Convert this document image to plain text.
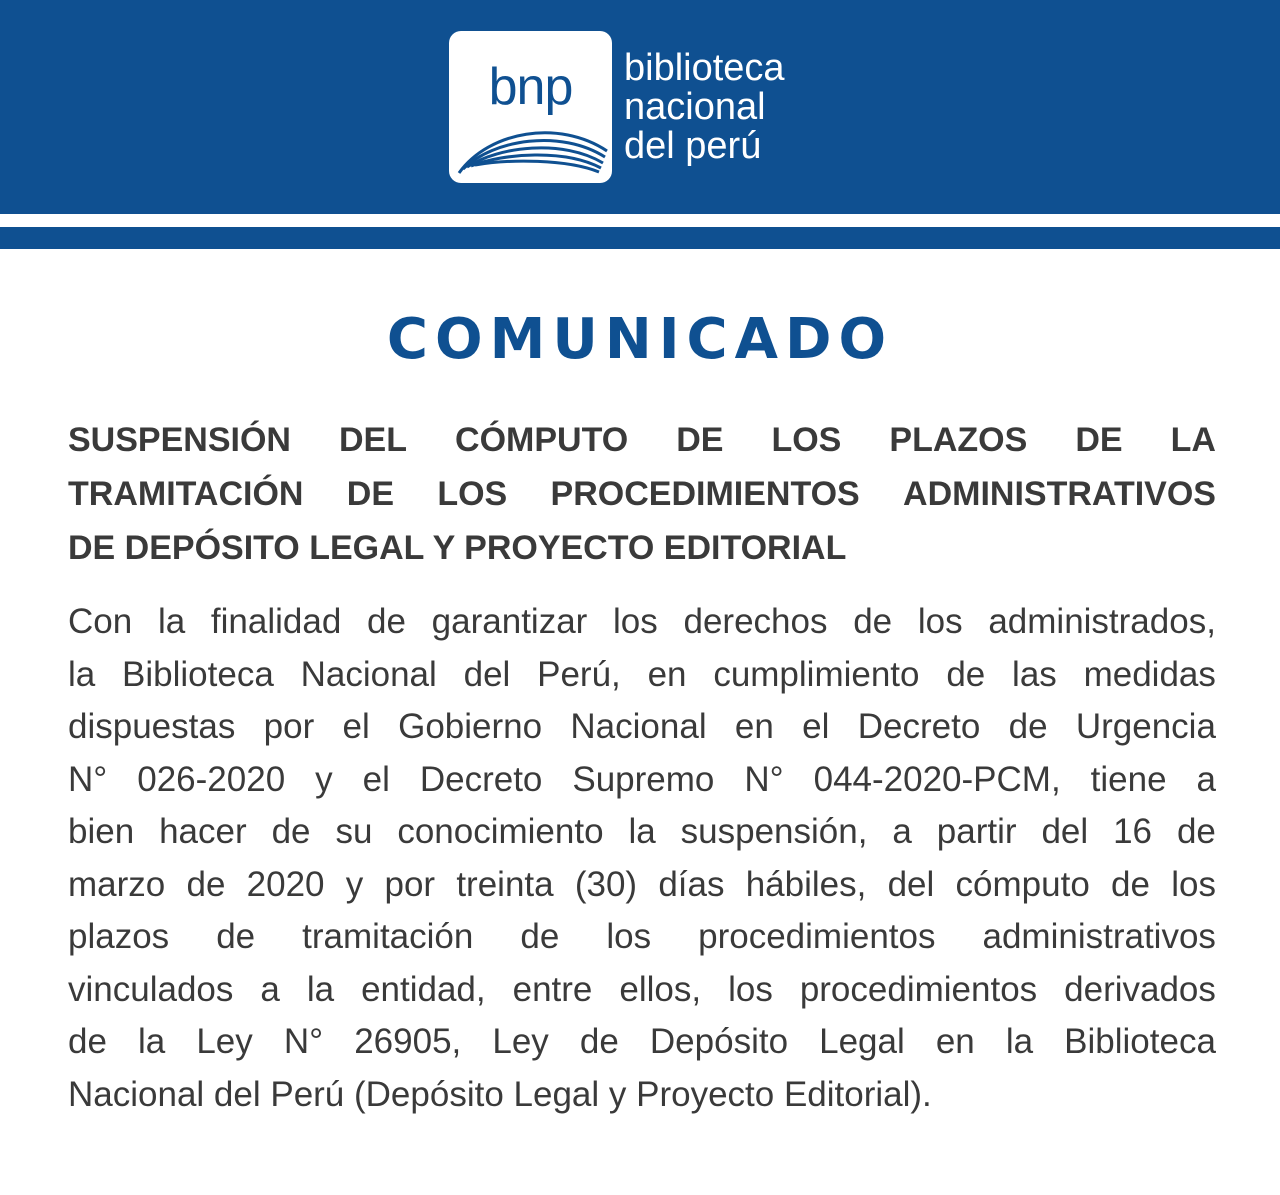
bnp	biblioteca
nacional
del perú
COMUNICADO
SUSPENSIÓN DEL CÓMPUTO DE LOS PLAZOS DE LA
TRAMITACIÓN DE LOS PROCEDIMIENTOS ADMINISTRATIVOS
DE DEPÓSITO LEGAL Y PROYECTO EDITORIAL
Con la finalidad de garantizar los derechos de los administrados,
la Biblioteca Nacional del Perú, en cumplimiento de las medidas
dispuestas por el Gobierno Nacional en el Decreto de Urgencia
N° 026-2020 y el Decreto Supremo N° 044-2020-PCM, tiene a
bien hacer de su conocimiento la suspensión, a partir del 16 de
marzo de 2020 y por treinta (30) días hábiles, del cómputo de los
plazos de tramitación de los procedimientos administrativos
vinculados a la entidad, entre ellos, los procedimientos derivados
de la Ley N° 26905, Ley de Depósito Legal en la Biblioteca
Nacional del Perú (Depósito Legal y Proyecto Editorial).
